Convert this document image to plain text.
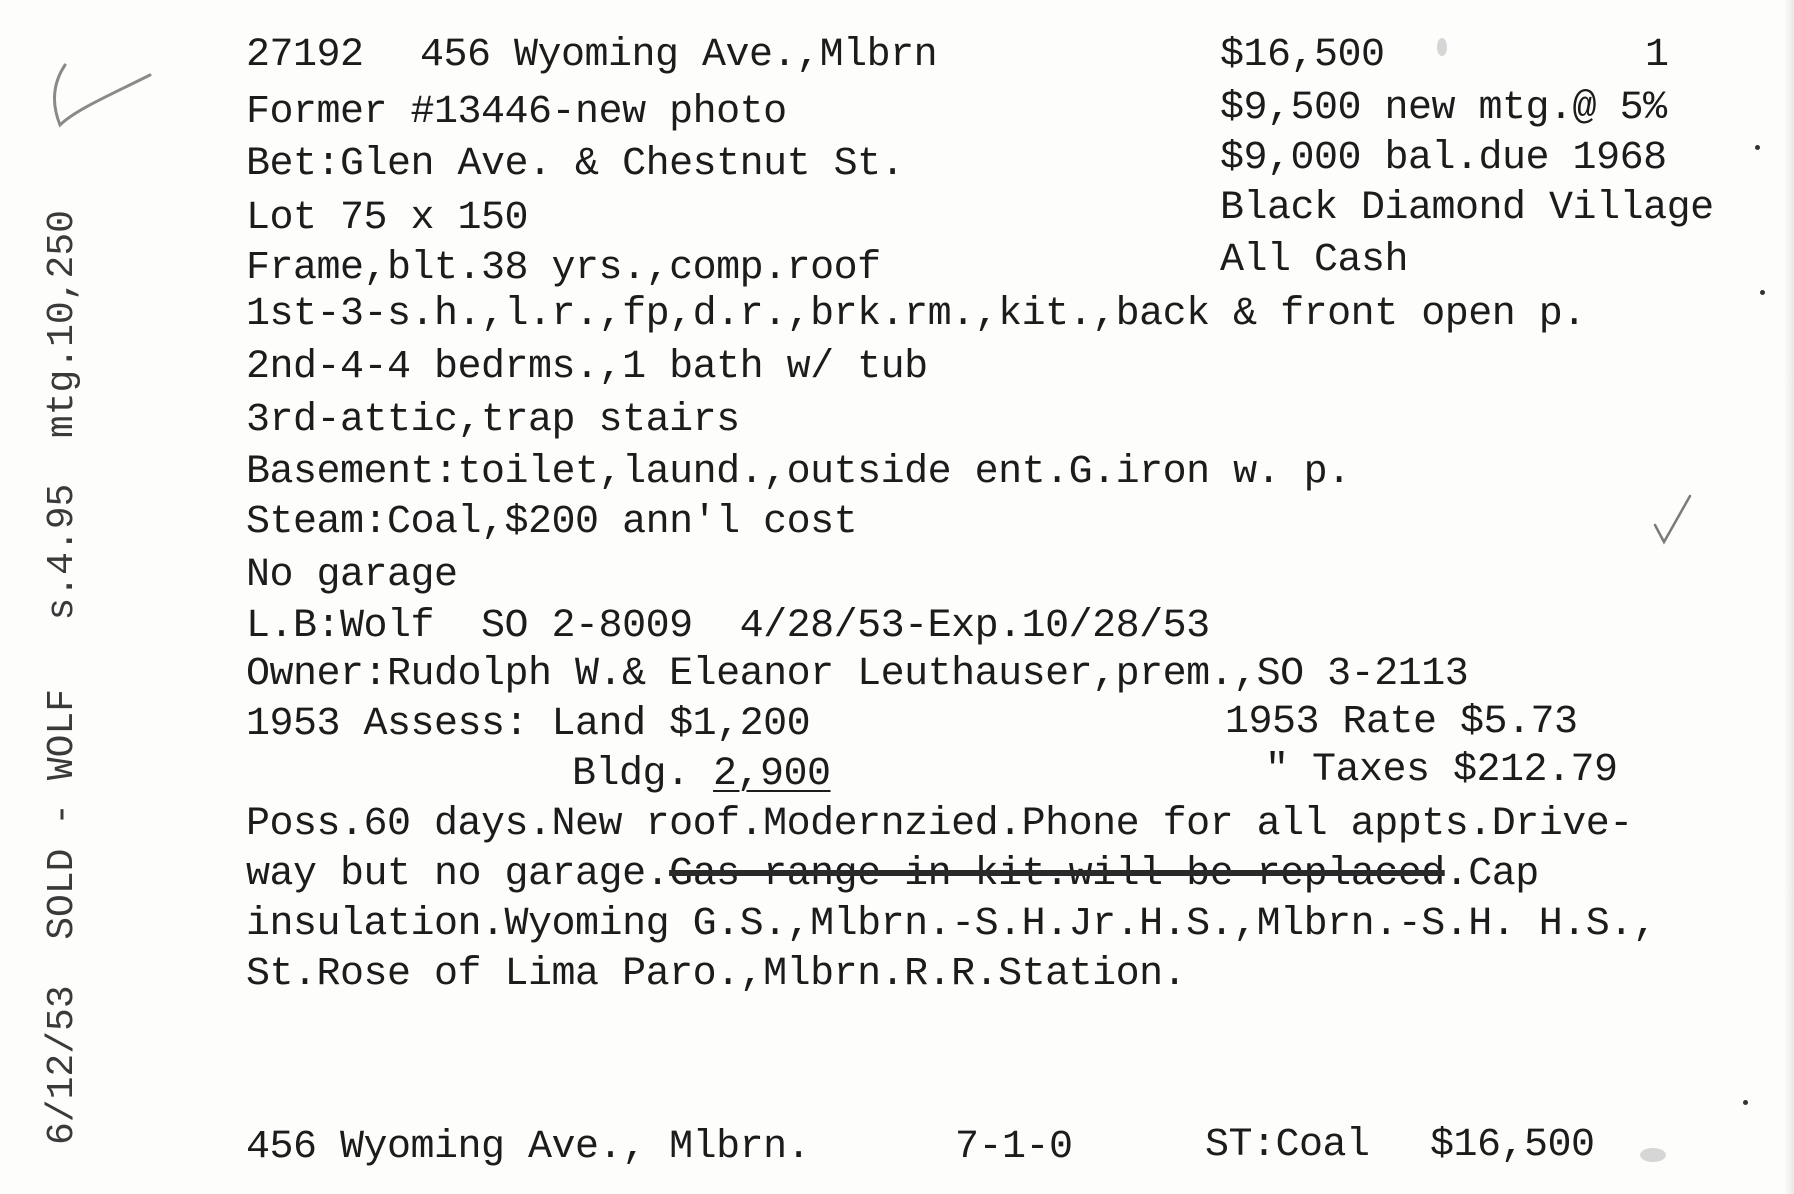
6/12/53  SOLD - WOLF   s.4.95  mtg.10,250
27192 456 Wyoming Ave.,Mlbrn	$16,500	1
Former #13446-new photo
Bet:Glen Ave. & Chestnut St.
Lot 75 x 150
Frame,blt.38 yrs.,comp.roof
$9,500 new mtg.@ 5%
$9,000 bal.due 1968
Black Diamond Village
All Cash
1st-3-s.h.,l.r.,fp,d.r.,brk.rm.,kit.,back & front open p.
2nd-4-4 bedrms.,1 bath w/ tub
3rd-attic,trap stairs
Basement:toilet,laund.,outside ent.G.iron w. p.
Steam:Coal,$200 ann'l cost
No garage
L.B:Wolf  SO 2-8009  4/28/53-Exp.10/28/53
Owner:Rudolph W.& Eleanor Leuthauser,prem.,SO 3-2113
1953 Assess: Land $1,200
Bldg. 2,900
1953 Rate $5.73
" Taxes $212.79
Poss.60 days.New roof.Modernzied.Phone for all appts.Drive-
way but no garage.Gas range in kit.will be replaced.Cap
insulation.Wyoming G.S.,Mlbrn.-S.H.Jr.H.S.,Mlbrn.-S.H. H.S.,
St.Rose of Lima Paro.,Mlbrn.R.R.Station.
456 Wyoming Ave., Mlbrn.	7-1-0	ST:Coal $16,500
